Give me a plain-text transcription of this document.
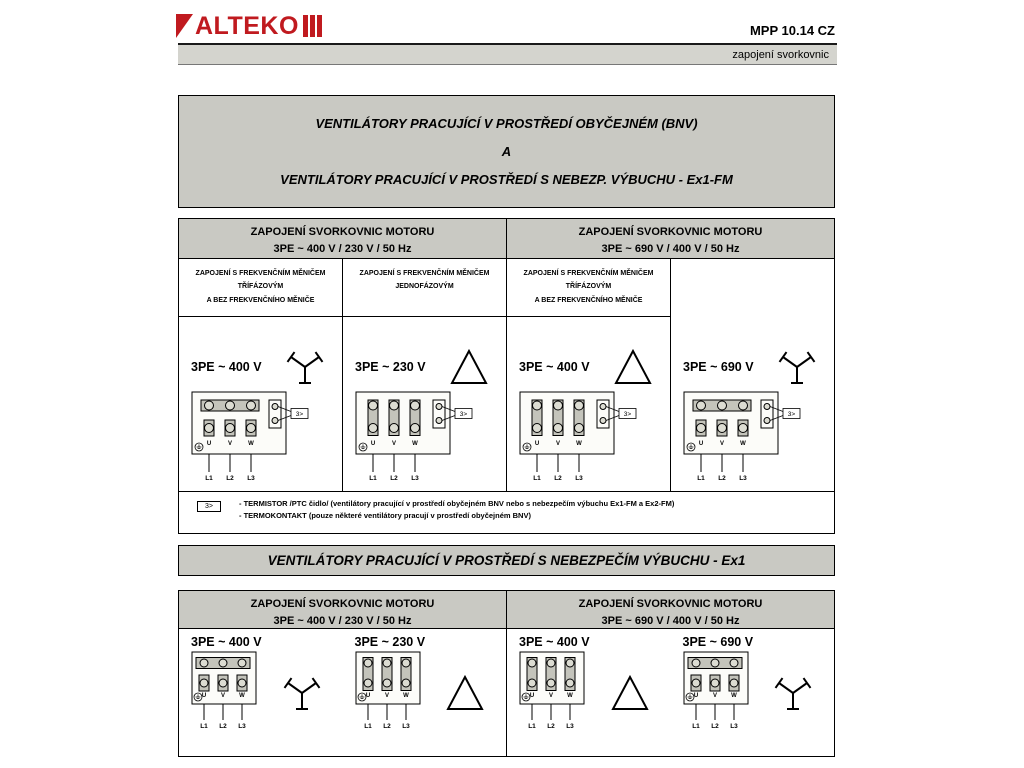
ALTEKO	MPP 10.14 CZ
zapojení svorkovnic
VENTILÁTORY PRACUJÍCÍ V PROSTŘEDÍ OBYČEJNÉM (BNV)
A
VENTILÁTORY PRACUJÍCÍ V PROSTŘEDÍ S NEBEZP. VÝBUCHU - Ex1-FM
ZAPOJENÍ SVORKOVNIC MOTORU
3PE ~ 400 V / 230 V / 50 Hz
ZAPOJENÍ SVORKOVNIC MOTORU
3PE ~ 690 V / 400 V / 50 Hz
ZAPOJENÍ S FREKVENČNÍM MĚNIČEM
TŘÍFÁZOVÝM
A BEZ FREKVENČNÍHO MĚNIČE
3PE ~ 400 V
U	V	W
3>
L1 L2 L3
ZAPOJENÍ S FREKVENČNÍM MĚNIČEM
JEDNOFÁZOVÝM
3PE ~ 230 V
U	V	W
3>
L1 L2 L3
ZAPOJENÍ S FREKVENČNÍM MĚNIČEM
TŘÍFÁZOVÝM
A BEZ FREKVENČNÍHO MĚNIČE
3PE ~ 400 V
U	V	W
3>
L1 L2 L3
3PE ~ 690 V
U	V	W
3>
L1 L2 L3
3>	- TERMISTOR /PTC čidlo/ (ventilátory pracující v prostředí obyčejném BNV nebo s nebezpečím výbuchu Ex1-FM a Ex2-FM)
- TERMOKONTAKT (pouze některé ventilátory pracují v prostředí obyčejném BNV)
VENTILÁTORY PRACUJÍCÍ V PROSTŘEDÍ S NEBEZPEČÍM VÝBUCHU - Ex1
ZAPOJENÍ SVORKOVNIC MOTORU
3PE ~ 400 V / 230 V / 50 Hz
ZAPOJENÍ SVORKOVNIC MOTORU
3PE ~ 690 V / 400 V / 50 Hz
3PE ~ 400 V
U V W
L1 L2 L3
3PE ~ 230 V
U V W
L1 L2 L3
3PE ~ 400 V
U V W
L1 L2 L3
3PE ~ 690 V
U V W
L1 L2 L3
